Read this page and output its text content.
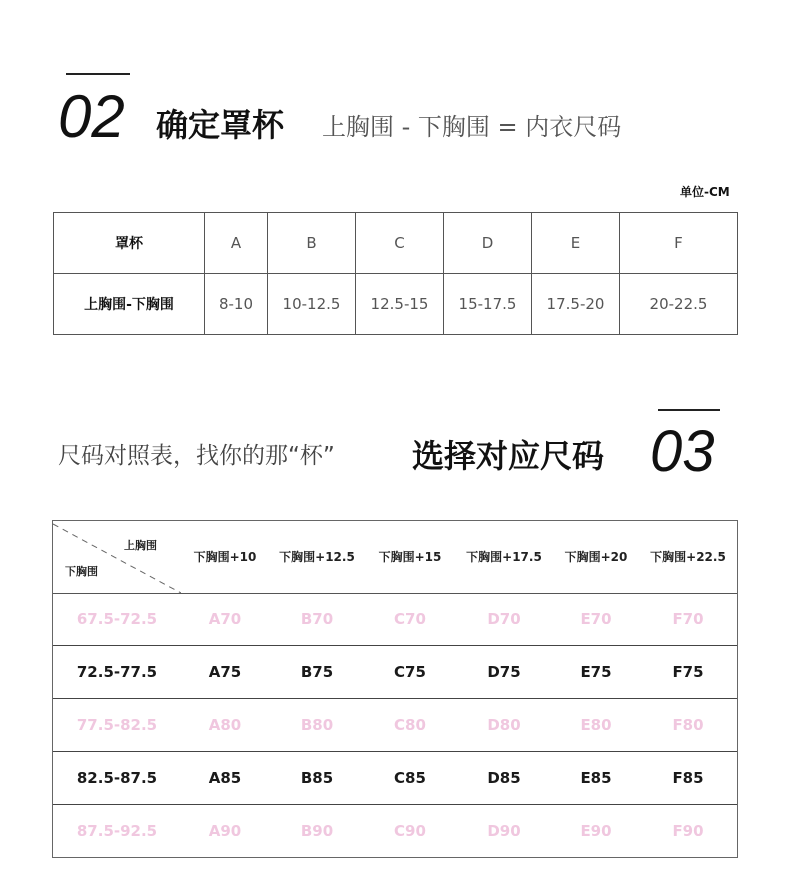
02 确定罩杯 上胸围 - 下胸围 = 内衣尺码
单位-CM
罩杯	A	B	C	D	E	F
上胸围-下胸围	8-10	10-12.5	12.5-15	15-17.5	17.5-20	20-22.5
尺码对照表，找你的那“杯” 选择对应尺码 03
上胸围
下胸围
下胸围+10	下胸围+12.5	下胸围+15	下胸围+17.5	下胸围+20	下胸围+22.5
67.5-72.5	A70	B70	C70	D70	E70	F70
72.5-77.5	A75	B75	C75	D75	E75	F75
77.5-82.5	A80	B80	C80	D80	E80	F80
82.5-87.5	A85	B85	C85	D85	E85	F85
87.5-92.5	A90	B90	C90	D90	E90	F90
